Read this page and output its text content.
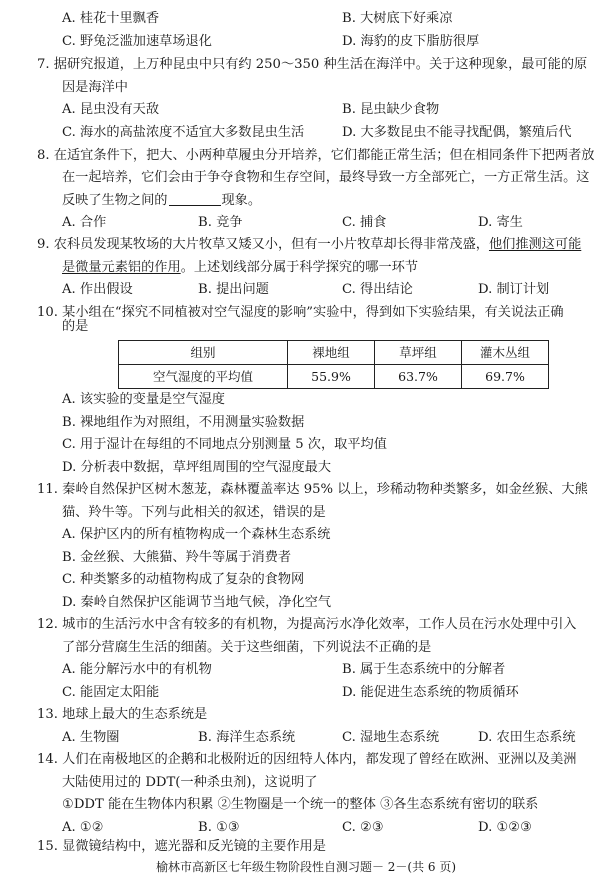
A. 桂花十里飘香	B. 大树底下好乘凉
C. 野兔泛滥加速草场退化	D. 海豹的皮下脂肪很厚
7. 据研究报道，上万种昆虫中只有约 250～350 种生活在海洋中。关于这种现象，最可能的原
因是海洋中
A. 昆虫没有天敌	B. 昆虫缺少食物
C. 海水的高盐浓度不适宜大多数昆虫生活	D. 大多数昆虫不能寻找配偶，繁殖后代
8. 在适宜条件下，把大、小两种草履虫分开培养，它们都能正常生活；但在相同条件下把两者放
在一起培养，它们会由于争夺食物和生存空间，最终导致一方全部死亡，一方正常生活。这
反映了生物之间的	现象。
A. 合作	B. 竞争	C. 捕食	D. 寄生
9. 农科员发现某牧场的大片牧草又矮又小，但有一小片牧草却长得非常茂盛，他们推测这可能
是微量元素铝的作用。上述划线部分属于科学探究的哪一环节
A. 作出假设	B. 提出问题	C. 得出结论	D. 制订计划
10. 某小组在“探究不同植被对空气湿度的影响”实验中，得到如下实验结果，有关说法正确
的是
组别	裸地组	草坪组	灌木丛组
空气湿度的平均值	55.9%	63.7%	69.7%
A. 该实验的变量是空气湿度
B. 裸地组作为对照组，不用测量实验数据
C. 用于湿计在每组的不同地点分别测量 5 次，取平均值
D. 分析表中数据，草坪组周围的空气湿度最大
11. 秦岭自然保护区树木葱茏，森林覆盖率达 95% 以上，珍稀动物种类繁多，如金丝猴、大熊
猫、羚牛等。下列与此相关的叙述，错误的是
A. 保护区内的所有植物构成一个森林生态系统
B. 金丝猴、大熊猫、羚牛等属于消费者
C. 种类繁多的动植物构成了复杂的食物网
D. 秦岭自然保护区能调节当地气候，净化空气
12. 城市的生活污水中含有较多的有机物，为提高污水净化效率，工作人员在污水处理中引入
了部分营腐生生活的细菌。关于这些细菌，下列说法不正确的是
A. 能分解污水中的有机物	B. 属于生态系统中的分解者
C. 能固定太阳能	D. 能促进生态系统的物质循环
13. 地球上最大的生态系统是
A. 生物圈	B. 海洋生态系统	C. 湿地生态系统	D. 农田生态系统
14. 人们在南极地区的企鹅和北极附近的因纽特人体内，都发现了曾经在欧洲、亚洲以及美洲
大陆使用过的 DDT(一种杀虫剂)，这说明了
①DDT 能在生物体内积累 ②生物圈是一个统一的整体 ③各生态系统有密切的联系
A. ①②	B. ①③	C. ②③	D. ①②③
15. 显微镜结构中，遮光器和反光镜的主要作用是
榆林市高新区七年级生物阶段性自测习题－ 2－(共 6 页)
